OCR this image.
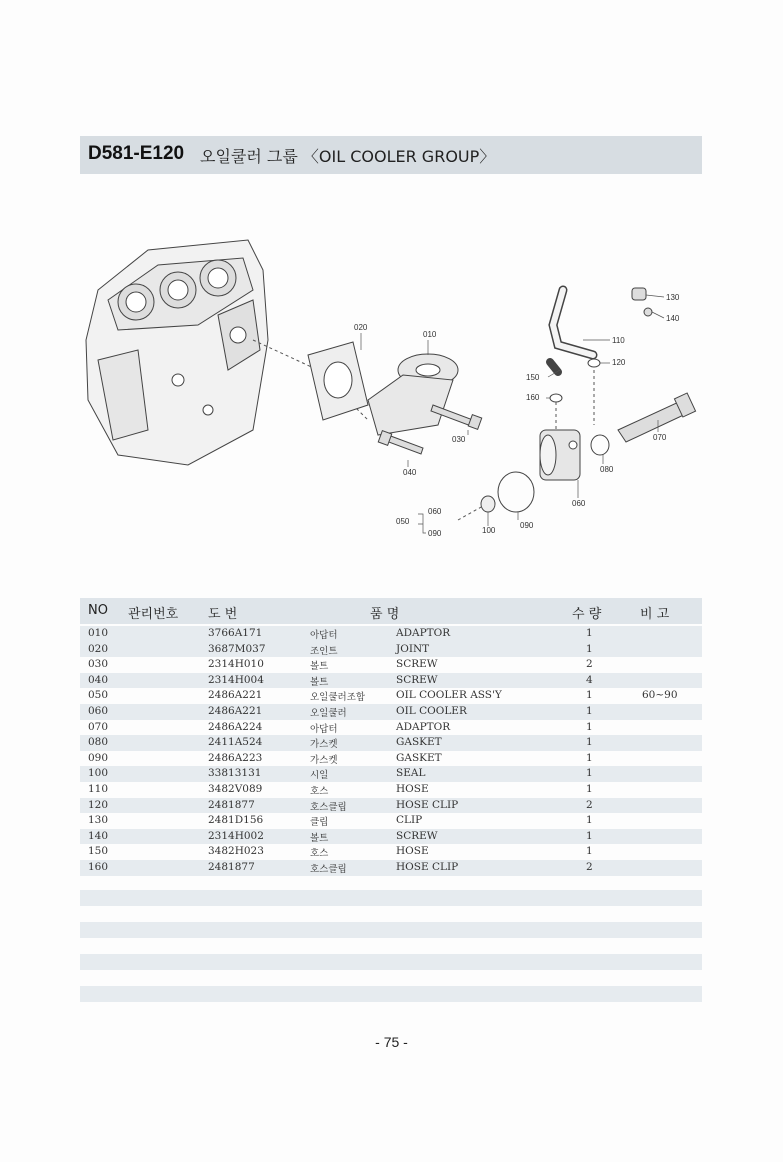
D581-E120 오일쿨러 그룹 〈OIL COOLER GROUP〉
010
020
030
040
050
060
070
080
090
100
110
120
130
140
150
160
060
090
NO 관리번호 도 번	품 명	수 량	비 고
010	3766A171	아답터	ADAPTOR	1
020	3687M037	조인트	JOINT	1
030	2314H010	볼트	SCREW	2
040	2314H004	볼트	SCREW	4
050	2486A221	오일쿨러조합	OIL COOLER ASS'Y	1	60~90
060	2486A221	오일쿨러	OIL COOLER	1
070	2486A224	아답터	ADAPTOR	1
080	2411A524	가스켓	GASKET	1
090	2486A223	가스켓	GASKET	1
100	33813131	시일	SEAL	1
110	3482V089	호스	HOSE	1
120	2481877	호스클립	HOSE CLIP	2
130	2481D156	클립	CLIP	1
140	2314H002	볼트	SCREW	1
150	3482H023	호스	HOSE	1
160	2481877	호스클립	HOSE CLIP	2
- 75 -
